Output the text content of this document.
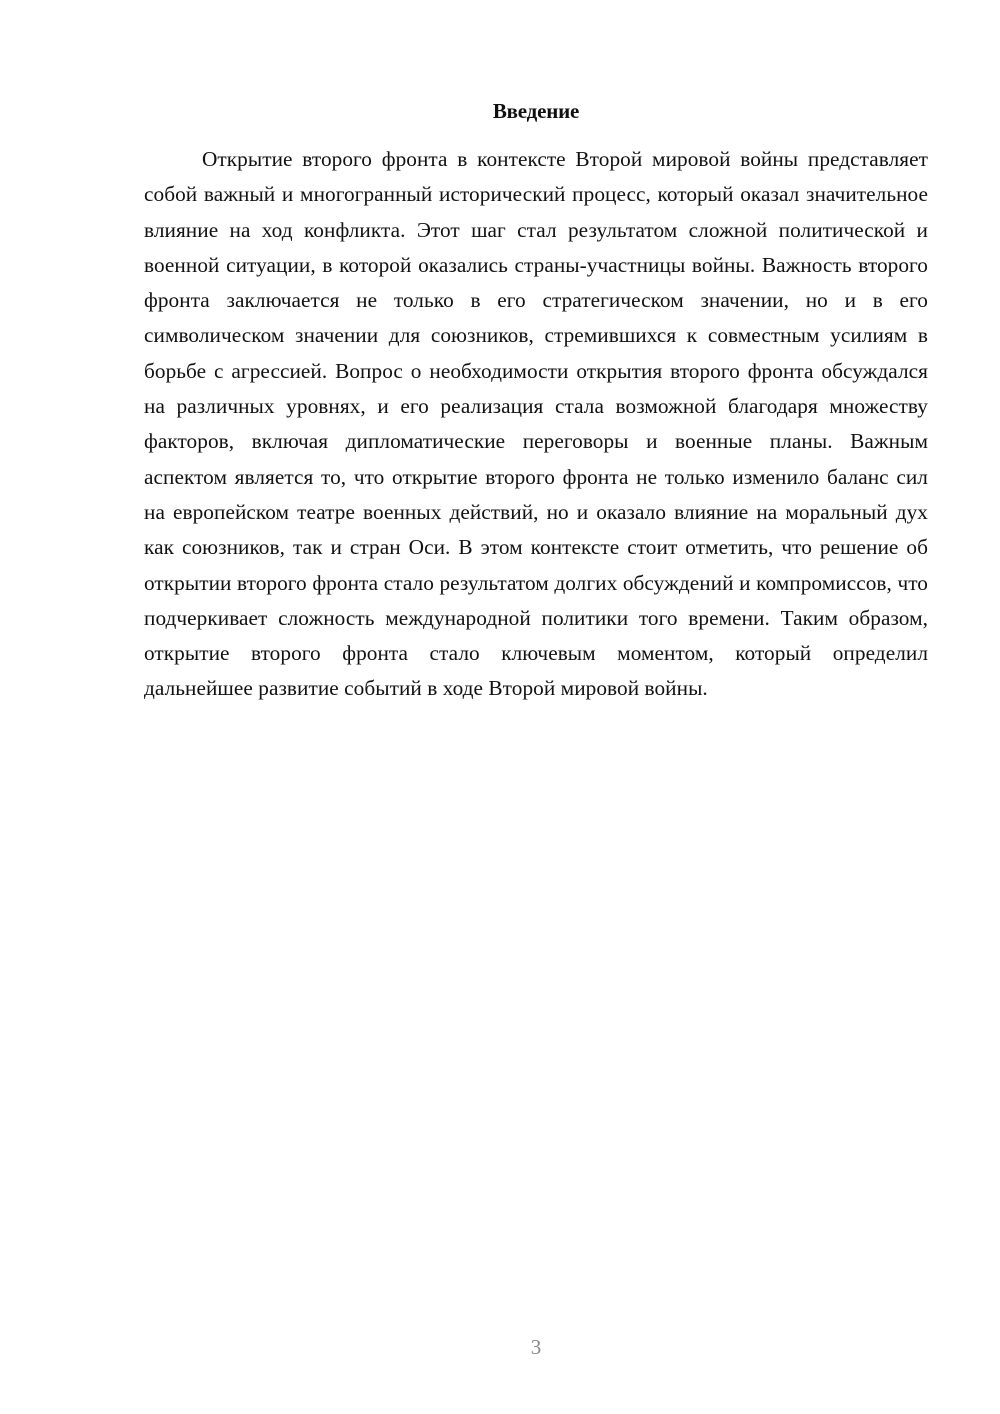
Введение

Открытие второго фронта в контексте Второй мировой войны представляет собой важный и многогранный исторический процесс, который оказал значительное влияние на ход конфликта. Этот шаг стал результатом сложной политической и военной ситуации, в которой оказались страны-участницы войны. Важность второго фронта заключается не только в его стратегическом значении, но и в его символическом значении для союзников, стремившихся к совместным усилиям в борьбе с агрессией. Вопрос о необходимости открытия второго фронта обсуждался на различных уровнях, и его реализация стала возможной благодаря множеству факторов, включая дипломатические переговоры и военные планы. Важным аспектом является то, что открытие второго фронта не только изменило баланс сил на европейском театре военных действий, но и оказало влияние на моральный дух как союзников, так и стран Оси. В этом контексте стоит отметить, что решение об открытии второго фронта стало результатом долгих обсуждений и компромиссов, что подчеркивает сложность международной политики того времени. Таким образом, открытие второго фронта стало ключевым моментом, который определил дальнейшее развитие событий в ходе Второй мировой войны.

3
